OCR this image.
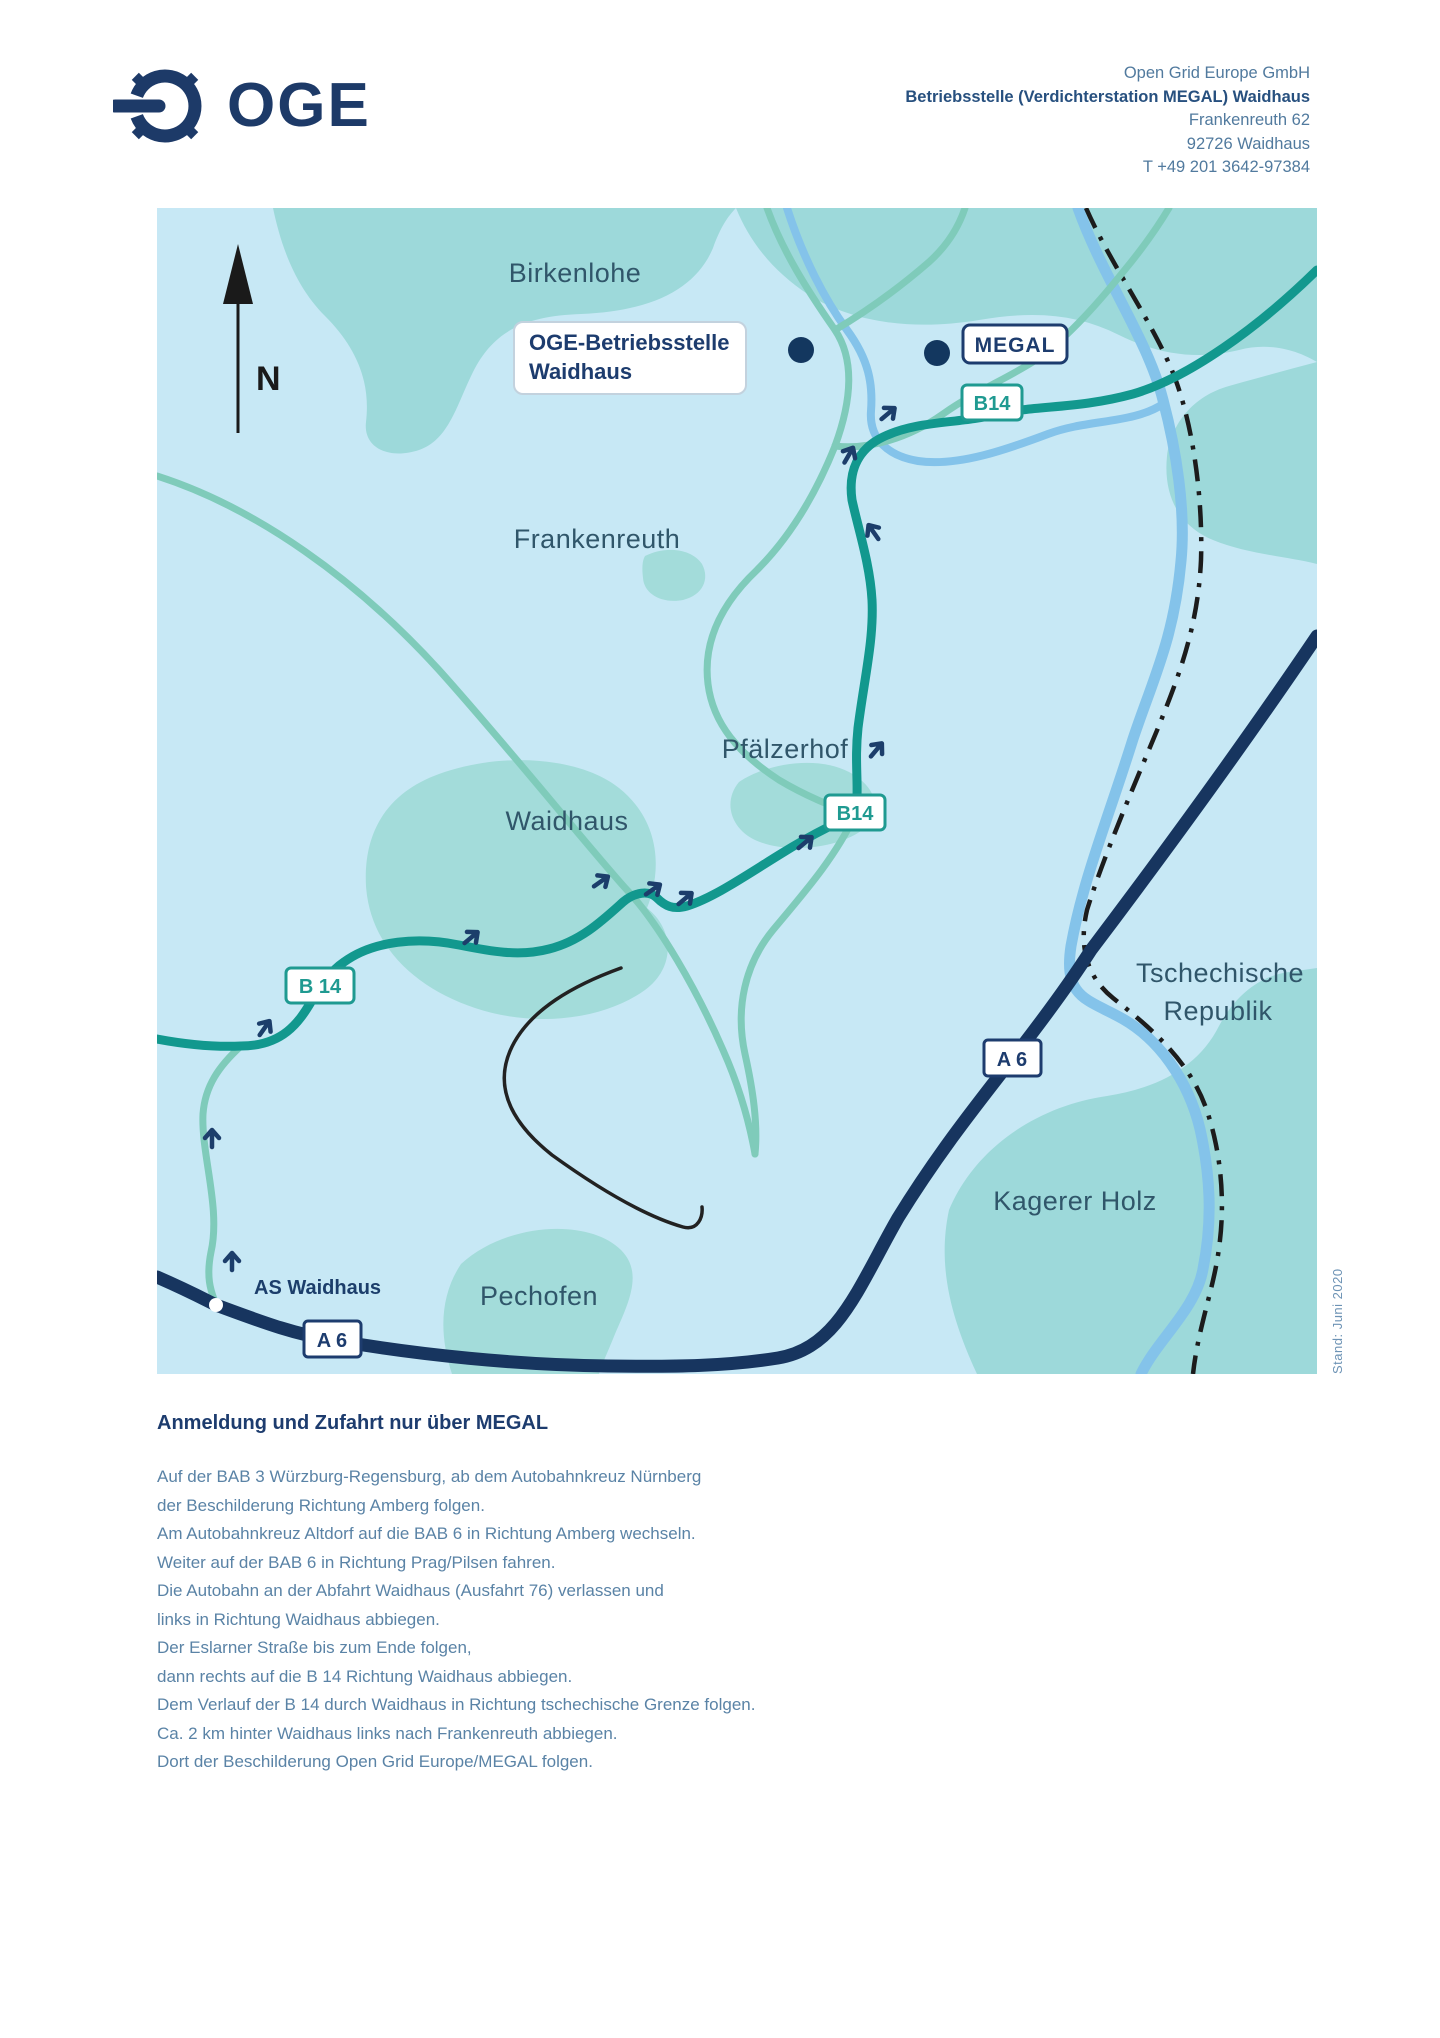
OGE	Open Grid Europe GmbH
Betriebsstelle (Verdichterstation MEGAL) Waidhaus
Frankenreuth 62
92726 Waidhaus
T +49 201 3642-97384
OGE-Betriebsstelle
Waidhaus
MEGAL
B14
B14
B 14
A 6
A 6
N
Birkenlohe
Frankenreuth
Pfälzerhof
Waidhaus
Pechofen
Kagerer Holz
Tschechische
Republik
AS Waidhaus	Stand: Juni 2020
Anmeldung und Zufahrt nur über MEGAL
Auf der BAB 3 Würzburg-Regensburg, ab dem Autobahnkreuz Nürnberg
der Beschilderung Richtung Amberg folgen.
Am Autobahnkreuz Altdorf auf die BAB 6 in Richtung Amberg wechseln.
Weiter auf der BAB 6 in Richtung Prag/Pilsen fahren.
Die Autobahn an der Abfahrt Waidhaus (Ausfahrt 76) verlassen und
links in Richtung Waidhaus abbiegen.
Der Eslarner Straße bis zum Ende folgen,
dann rechts auf die B 14 Richtung Waidhaus abbiegen.
Dem Verlauf der B 14 durch Waidhaus in Richtung tschechische Grenze folgen.
Ca. 2 km hinter Waidhaus links nach Frankenreuth abbiegen.
Dort der Beschilderung Open Grid Europe/MEGAL folgen.
